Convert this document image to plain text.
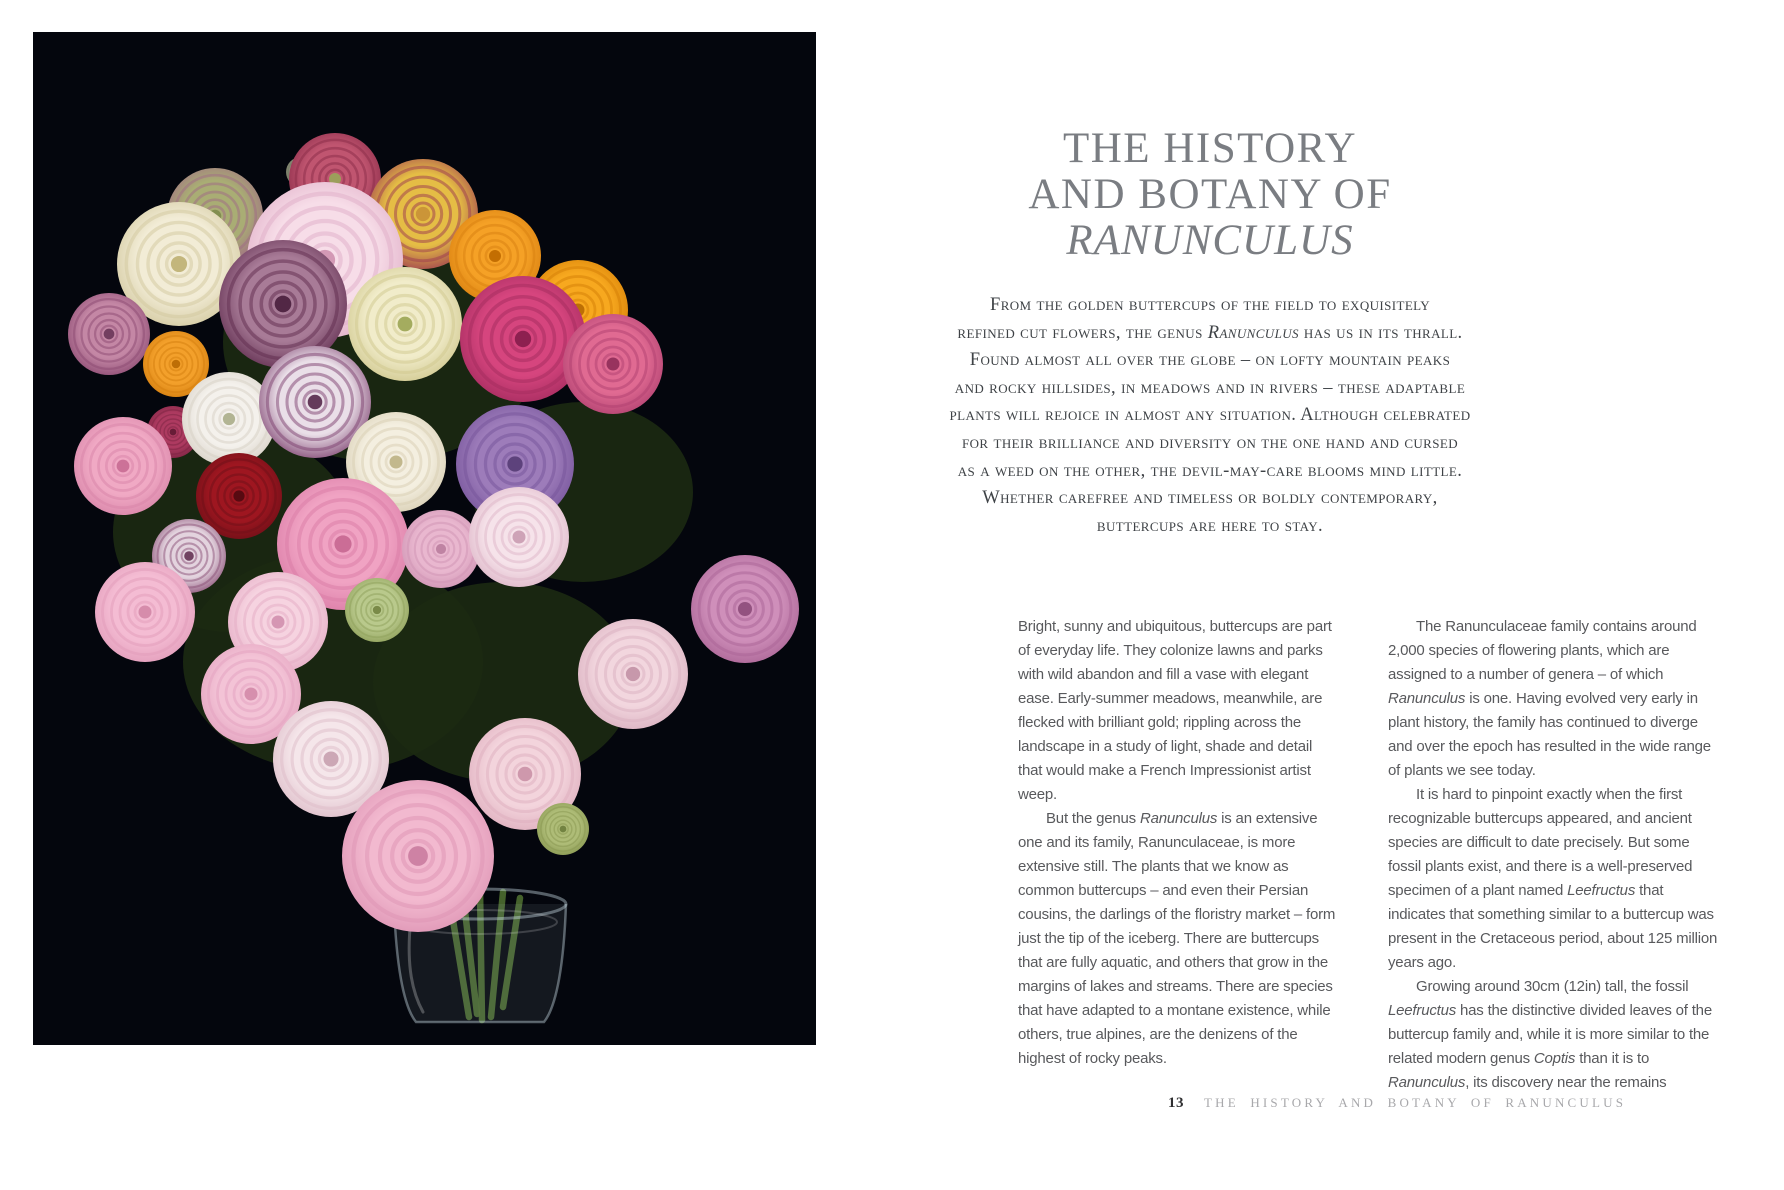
THE HISTORY
AND BOTANY OF
RANUNCULUS
From the golden buttercups of the field to exquisitely
refined cut flowers, the genus Ranunculus has us in its thrall.
Found almost all over the globe – on lofty mountain peaks
and rocky hillsides, in meadows and in rivers – these adaptable
plants will rejoice in almost any situation. Although celebrated
for their brilliance and diversity on the one hand and cursed
as a weed on the other, the devil-may-care blooms mind little.
Whether carefree and timeless or boldly contemporary,
buttercups are here to stay.

Bright, sunny and ubiquitous, buttercups are part of everyday life. They colonize lawns and parks with wild abandon and fill a vase with elegant ease. Early-summer meadows, meanwhile, are flecked with brilliant gold; rippling across the landscape in a study of light, shade and detail that would make a French Impressionist artist weep.

But the genus Ranunculus is an extensive one and its family, Ranunculaceae, is more extensive still. The plants that we know as common buttercups – and even their Persian cousins, the darlings of the floristry market – form just the tip of the iceberg. There are buttercups that are fully aquatic, and others that grow in the margins of lakes and streams. There are species that have adapted to a montane existence, while others, true alpines, are the denizens of the highest of rocky peaks.

The Ranunculaceae family contains around 2,000 species of flowering plants, which are assigned to a number of genera – of which Ranunculus is one. Having evolved very early in plant history, the family has continued to diverge and over the epoch has resulted in the wide range of plants we see today.

It is hard to pinpoint exactly when the first recognizable buttercups appeared, and ancient species are difficult to date precisely. But some fossil plants exist, and there is a well-preserved specimen of a plant named Leefructus that indicates that something similar to a buttercup was present in the Cretaceous period, about 125 million years ago.

Growing around 30cm (12in) tall, the fossil Leefructus has the distinctive divided leaves of the buttercup family and, while it is more similar to the related modern genus Coptis than it is to Ranunculus, its discovery near the remains

13 THE HISTORY AND BOTANY OF RANUNCULUS
